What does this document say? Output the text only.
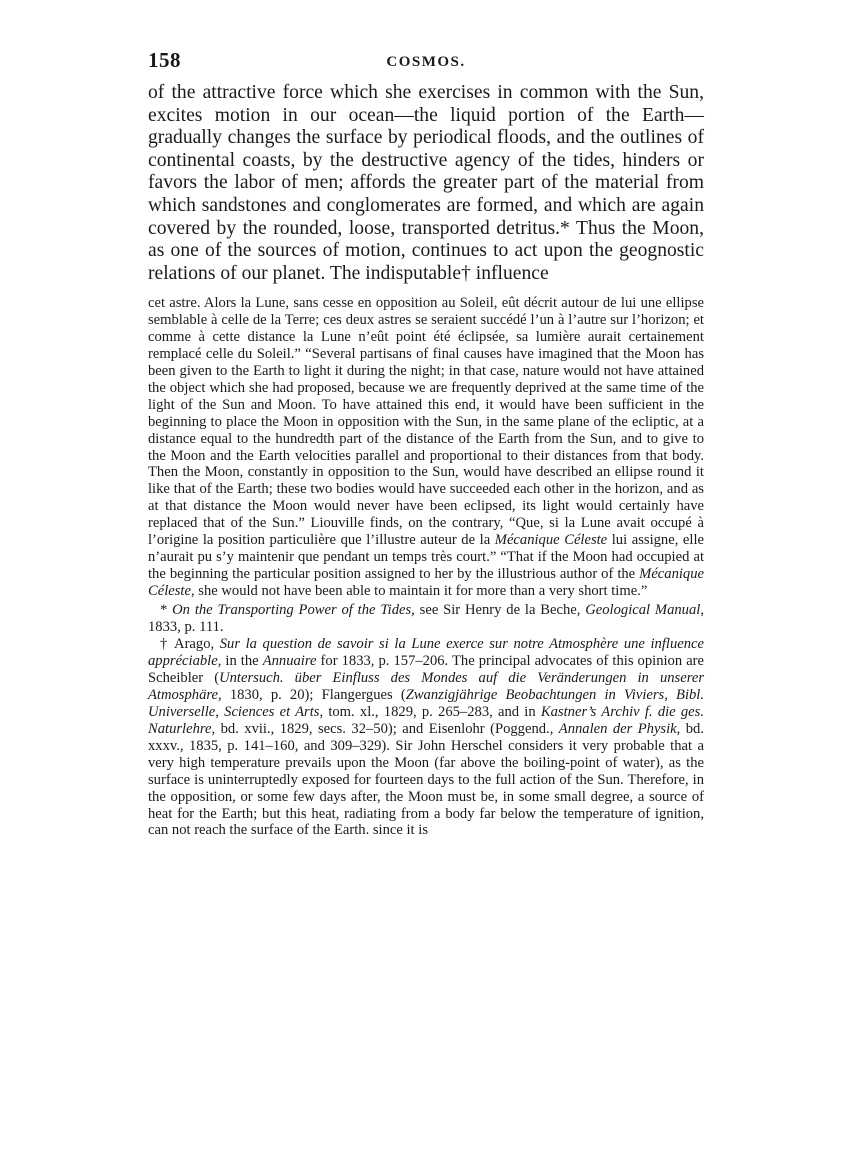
158	COSMOS.

of the attractive force which she exercises in common with the Sun, excites motion in our ocean—the liquid portion of the Earth—gradually changes the surface by periodical floods, and the outlines of continental coasts, by the destructive agency of the tides, hinders or favors the labor of men; affords the greater part of the material from which sandstones and conglomerates are formed, and which are again covered by the rounded, loose, transported detritus.* Thus the Moon, as one of the sources of motion, continues to act upon the geognostic relations of our planet. The indisputable† influence

cet astre. Alors la Lune, sans cesse en opposition au Soleil, eût décrit autour de lui une ellipse semblable à celle de la Terre; ces deux astres se seraient succédé l’un à l’autre sur l’horizon; et comme à cette distance la Lune n’eût point été éclipsée, sa lumière aurait certainement remplacé celle du Soleil.” “Several partisans of final causes have imagined that the Moon has been given to the Earth to light it during the night; in that case, nature would not have attained the object which she had proposed, because we are frequently deprived at the same time of the light of the Sun and Moon. To have attained this end, it would have been sufficient in the beginning to place the Moon in opposition with the Sun, in the same plane of the ecliptic, at a distance equal to the hundredth part of the distance of the Earth from the Sun, and to give to the Moon and the Earth velocities parallel and proportional to their distances from that body. Then the Moon, constantly in opposition to the Sun, would have described an ellipse round it like that of the Earth; these two bodies would have succeeded each other in the horizon, and as at that distance the Moon would never have been eclipsed, its light would certainly have replaced that of the Sun.” Liouville finds, on the contrary, “Que, si la Lune avait occupé à l’origine la position particulière que l’illustre auteur de la Mécanique Céleste lui assigne, elle n’aurait pu s’y maintenir que pendant un temps très court.” “That if the Moon had occupied at the beginning the particular position assigned to her by the illustrious author of the Mécanique Céleste, she would not have been able to maintain it for more than a very short time.”

* On the Transporting Power of the Tides, see Sir Henry de la Beche, Geological Manual, 1833, p. 111.

† Arago, Sur la question de savoir si la Lune exerce sur notre Atmosphère une influence appréciable, in the Annuaire for 1833, p. 157–206. The principal advocates of this opinion are Scheibler (Untersuch. über Einfluss des Mondes auf die Veränderungen in unserer Atmosphäre, 1830, p. 20); Flangergues (Zwanzigjährige Beobachtungen in Viviers, Bibl. Universelle, Sciences et Arts, tom. xl., 1829, p. 265–283, and in Kastner’s Archiv f. die ges. Naturlehre, bd. xvii., 1829, secs. 32–50); and Eisenlohr (Poggend., Annalen der Physik, bd. xxxv., 1835, p. 141–160, and 309–329). Sir John Herschel considers it very probable that a very high temperature prevails upon the Moon (far above the boiling-point of water), as the surface is uninterruptedly exposed for fourteen days to the full action of the Sun. Therefore, in the opposition, or some few days after, the Moon must be, in some small degree, a source of heat for the Earth; but this heat, radiating from a body far below the temperature of ignition, can not reach the surface of the Earth. since it is
